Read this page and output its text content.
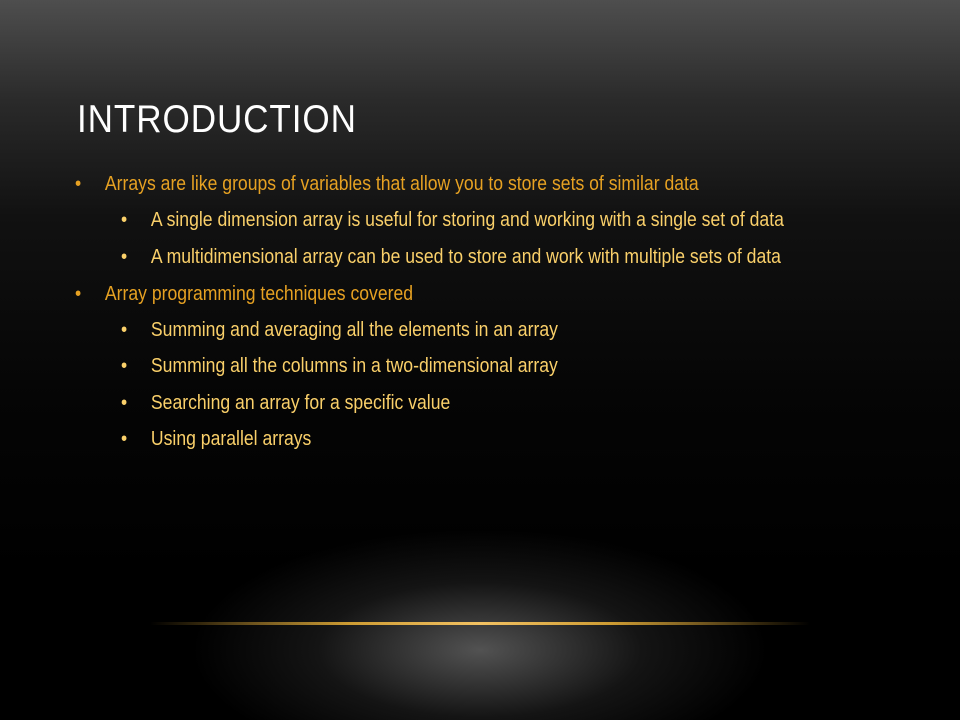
INTRODUCTION
• Arrays are like groups of variables that allow you to store sets of similar data
• A single dimension array is useful for storing and working with a single set of data
• A multidimensional array can be used to store and work with multiple sets of data
• Array programming techniques covered
• Summing and averaging all the elements in an array
• Summing all the columns in a two-dimensional array
• Searching an array for a specific value
• Using parallel arrays
